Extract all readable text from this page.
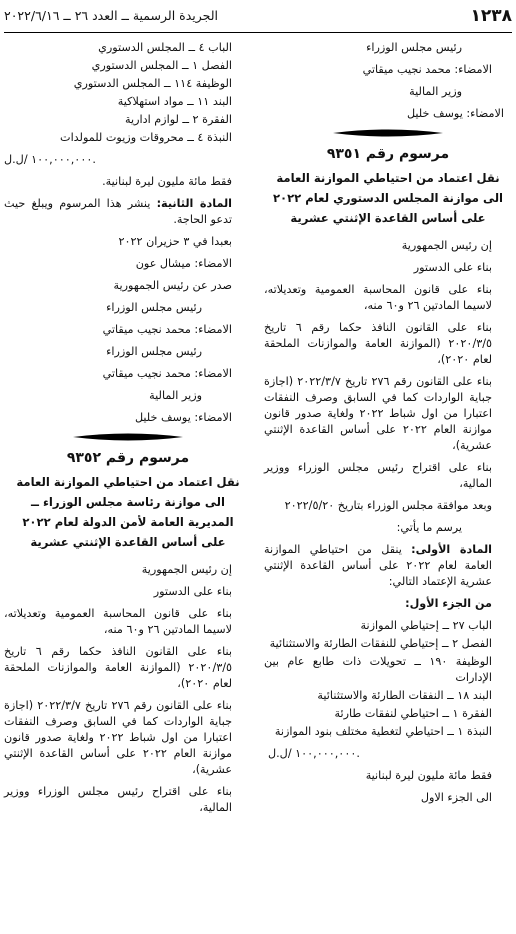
١٢٣٨
الجريدة الرسمية ــ العدد ٢٦ ــ ٢٠٢٢/٦/١٦
رئيس مجلس الوزراء
الامضاء: محمد نجيب ميقاتي
وزير المالية
الامضاء: يوسف خليل
مرسوم رقم ٩٣٥١
نقل اعتماد من احتياطي الموازنة العامة
الى موازنة المجلس الدستوري لعام ٢٠٢٢
على أساس القاعدة الإثنتي عشرية
إن رئيس الجمهورية
بناء على الدستور
بناء على قانون المحاسبة العمومية وتعديلاته، لاسيما المادتين ٢٦ و٦٠ منه،
بناء على القانون النافذ حكما رقم ٦ تاريخ ٢٠٢٠/٣/٥ (الموازنة العامة والموازنات الملحقة لعام ٢٠٢٠)،
بناء على القانون رقم ٢٧٦ تاريخ ٢٠٢٢/٣/٧ (اجازة جباية الواردات كما في السابق وصرف النفقات اعتبارا من اول شباط ٢٠٢٢ ولغاية صدور قانون موازنة العام ٢٠٢٢ على أساس القاعدة الإثنتي عشرية)،
بناء على اقتراح رئيس مجلس الوزراء ووزير المالية،
وبعد موافقة مجلس الوزراء بتاريخ ٢٠٢٢/٥/٢٠
يرسم ما يأتي:
المادة الأولى: ينقل من احتياطي الموازنة العامة لعام ٢٠٢٢ على أساس القاعدة الإثنتي عشرية الإعتماد التالي:
من الجزء الأول:
الباب ٢٧ ــ إحتياطي الموازنة
الفصل ٢ ــ إحتياطي للنفقات الطارئة والاستثنائية
الوظيفة ١٩٠ ــ تحويلات ذات طابع عام بين الإدارات
البند ١٨ ــ النفقات الطارئة والاستثنائية
الفقرة ١ ــ احتياطي لنفقات طارئة
النبذة ١ ــ احتياطي لتغطية مختلف بنود الموازنة
١٠٠,٠٠٠,٠٠٠ /ل.ل.
فقط مائة مليون ليرة لبنانية
الى الجزء الاول
الباب ٤ ــ المجلس الدستوري
الفصل ١ ــ المجلس الدستوري
الوظيفة ١١٤ ــ المجلس الدستوري
البند ١١ ــ مواد استهلاكية
الفقرة ٢ ــ لوازم ادارية
النبذة ٤ ــ محروقات وزيوت للمولدات
١٠٠,٠٠٠,٠٠٠ /ل.ل.
فقط مائة مليون ليرة لبنانية.
المادة الثانية: ينشر هذا المرسوم ويبلغ حيث تدعو الحاجة.
بعبدا في ٣ حزيران ٢٠٢٢
الامضاء: ميشال عون
صدر عن رئيس الجمهورية
رئيس مجلس الوزراء
الامضاء: محمد نجيب ميقاتي
رئيس مجلس الوزراء
الامضاء: محمد نجيب ميقاتي
وزير المالية
الامضاء: يوسف خليل
مرسوم رقم ٩٣٥٢
نقل اعتماد من احتياطي الموازنة العامة
الى موازنة رئاسة مجلس الوزراء ــ
المديرية العامة لأمن الدولة لعام ٢٠٢٢
على أساس القاعدة الإثنتي عشرية
إن رئيس الجمهورية
بناء على الدستور
بناء على قانون المحاسبة العمومية وتعديلاته، لاسيما المادتين ٢٦ و٦٠ منه،
بناء على القانون النافذ حكما رقم ٦ تاريخ ٢٠٢٠/٣/٥ (الموازنة العامة والموازنات الملحقة لعام ٢٠٢٠)،
بناء على القانون رقم ٢٧٦ تاريخ ٢٠٢٢/٣/٧ (اجازة جباية الواردات كما في السابق وصرف النفقات اعتبارا من اول شباط ٢٠٢٢ ولغاية صدور قانون موازنة العام ٢٠٢٢ على أساس القاعدة الإثنتي عشرية)،
بناء على اقتراح رئيس مجلس الوزراء ووزير المالية،
